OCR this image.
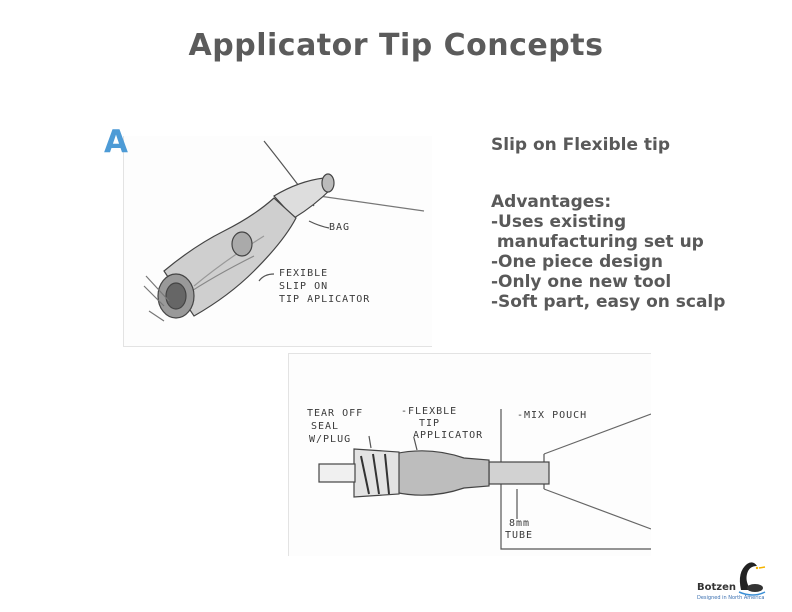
Applicator Tip Concepts
BAG
FEXIBLE
SLIP ON
TIP APLICATOR
A	Slip on Flexible tip
Advantages:
-Uses existing
manufacturing set up
-One piece design
-Only one new tool
-Soft part, easy on scalp
TEAR OFF
SEAL
W/PLUG
-FLEXBLE
TIP
APPLICATOR
-MIX POUCH
8mm
TUBE
Botzen
Designed in North America
